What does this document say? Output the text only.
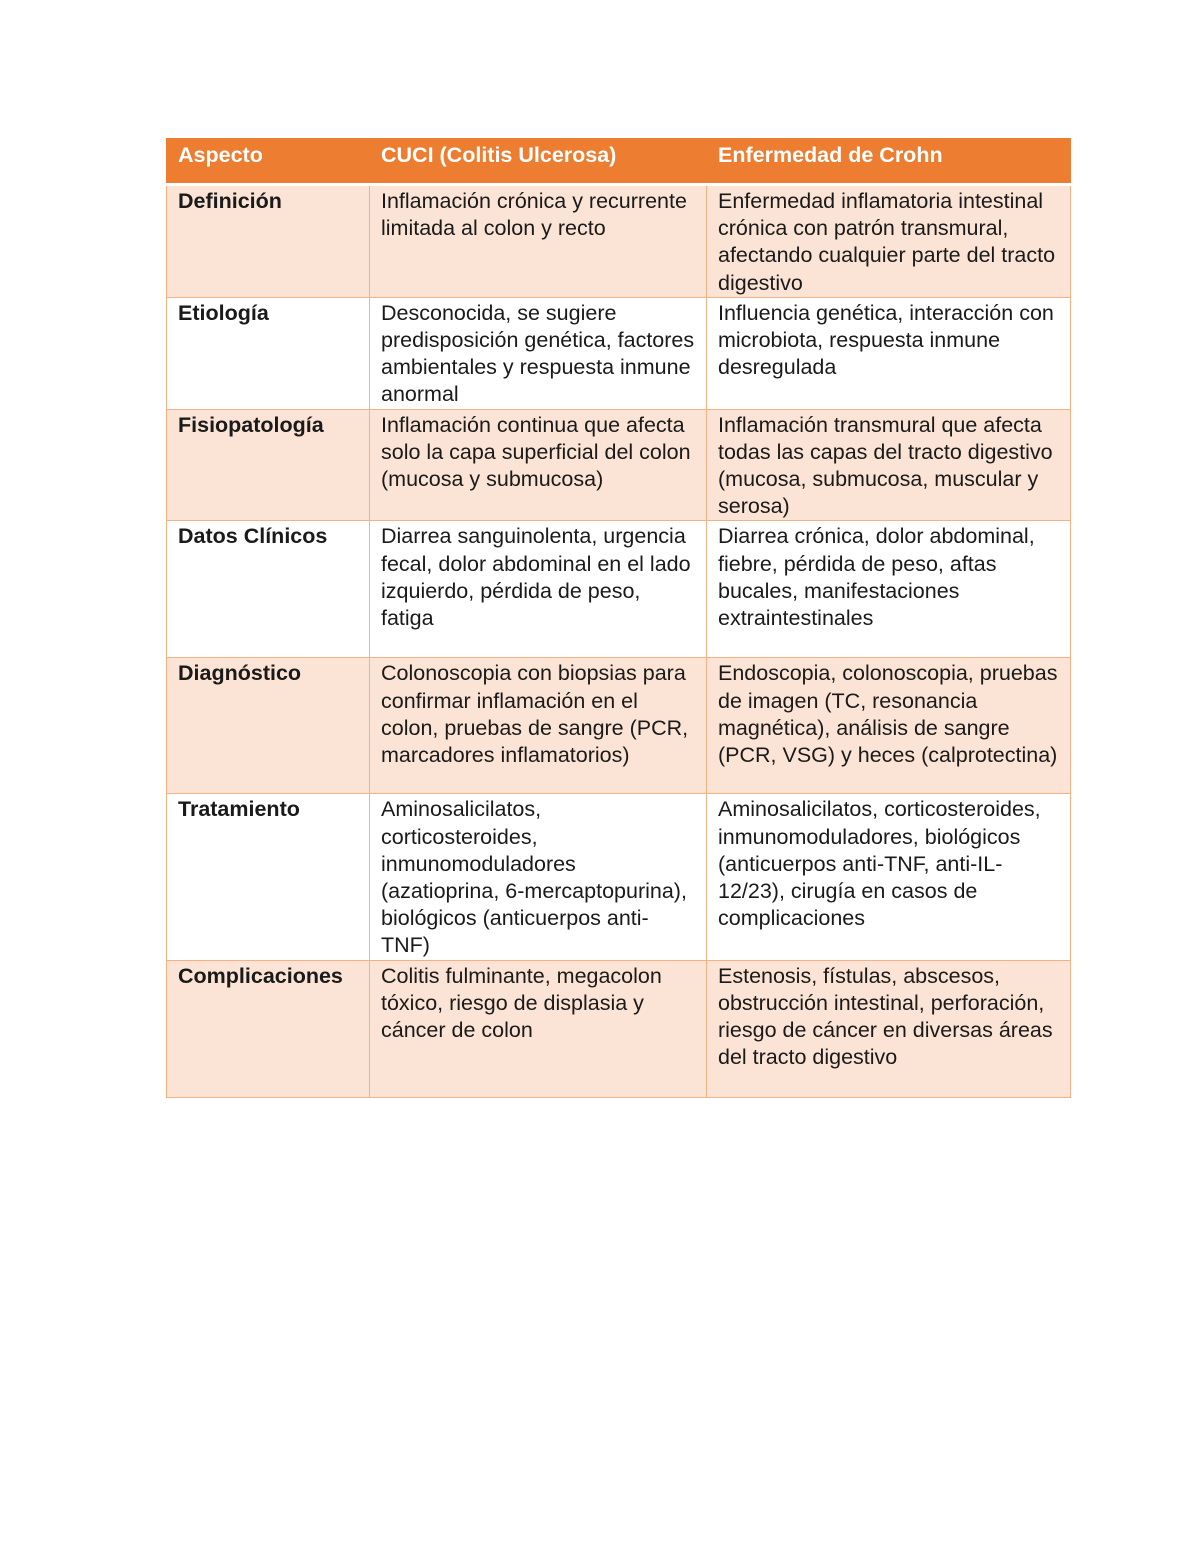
Aspecto	CUCI (Colitis Ulcerosa)	Enfermedad de Crohn
Definición	Inflamación crónica y recurrente limitada al colon y recto	Enfermedad inflamatoria intestinal crónica con patrón transmural, afectando cualquier parte del tracto digestivo
Etiología	Desconocida, se sugiere predisposición genética, factores ambientales y respuesta inmune anormal	Influencia genética, interacción con microbiota, respuesta inmune desregulada
Fisiopatología	Inflamación continua que afecta solo la capa superficial del colon (mucosa y submucosa)	Inflamación transmural que afecta todas las capas del tracto digestivo (mucosa, submucosa, muscular y serosa)
Datos Clínicos	Diarrea sanguinolenta, urgencia fecal, dolor abdominal en el lado izquierdo, pérdida de peso, fatiga	Diarrea crónica, dolor abdominal, fiebre, pérdida de peso, aftas bucales, manifestaciones extraintestinales
Diagnóstico	Colonoscopia con biopsias para confirmar inflamación en el colon, pruebas de sangre (PCR, marcadores inflamatorios)	Endoscopia, colonoscopia, pruebas de imagen (TC, resonancia magnética), análisis de sangre (PCR, VSG) y heces (calprotectina)
Tratamiento	Aminosalicilatos, corticosteroides, inmunomoduladores (azatioprina, 6-mercaptopurina), biológicos (anticuerpos anti-TNF)	Aminosalicilatos, corticosteroides, inmunomoduladores, biológicos (anticuerpos anti-TNF, anti-IL-12/23), cirugía en casos de complicaciones
Complicaciones	Colitis fulminante, megacolon tóxico, riesgo de displasia y cáncer de colon	Estenosis, fístulas, abscesos, obstrucción intestinal, perforación, riesgo de cáncer en diversas áreas del tracto digestivo
